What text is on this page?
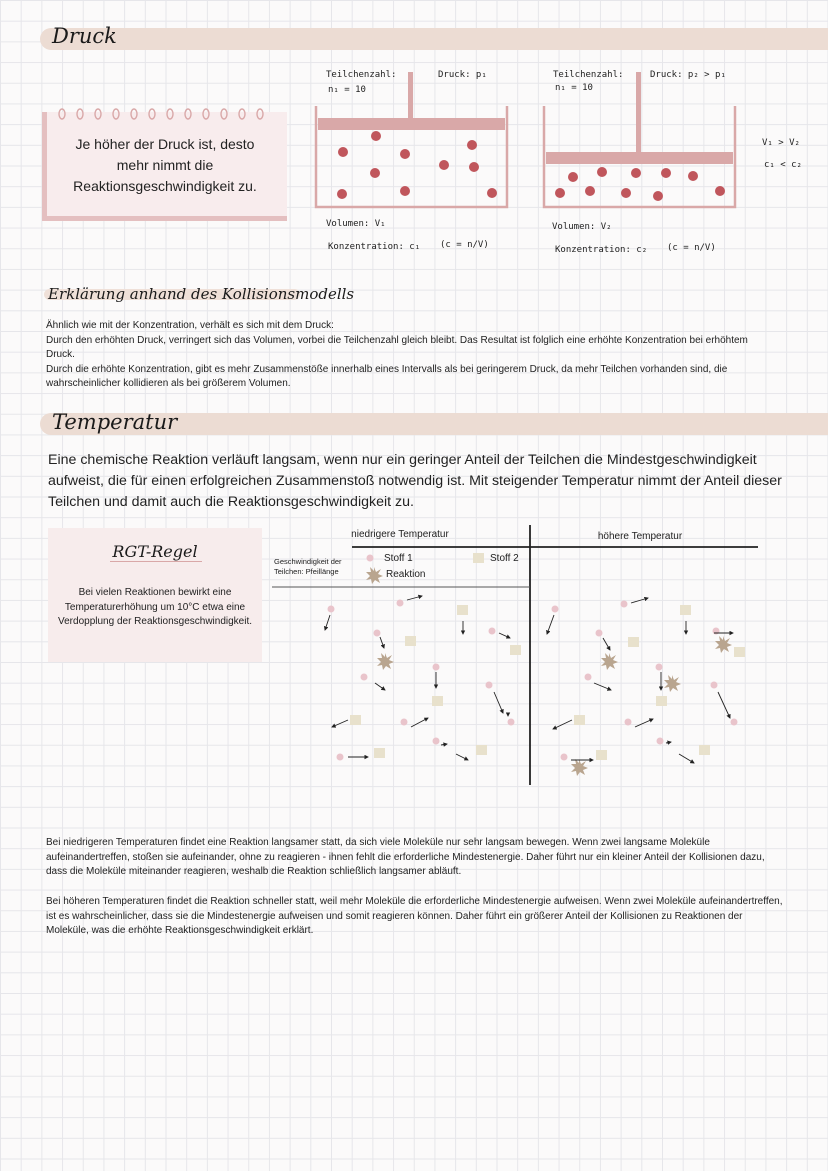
Druck
Je höher der Druck ist, desto mehr nimmt die Reaktionsgeschwindigkeit zu.
Teilchenzahl:
n₁ = 10
Druck: p₁
Volumen: V₁
Konzentration: c₁ (c = n/V)
Teilchenzahl:
n₁ = 10
Druck: p₂ > p₁
Volumen: V₂
Konzentration: c₂ (c = n/V)
V₁ > V₂
c₁ < c₂
Erklärung anhand des Kollisionsmodells
Ähnlich wie mit der Konzentration, verhält es sich mit dem Druck:
Durch den erhöhten Druck, verringert sich das Volumen, vorbei die Teilchenzahl gleich bleibt. Das Resultat ist folglich eine erhöhte Konzentration bei erhöhtem Druck.
Durch die erhöhte Konzentration, gibt es mehr Zusammenstöße innerhalb eines Intervalls als bei geringerem Druck, da mehr Teilchen vorhanden sind, die wahrscheinlicher kollidieren als bei größerem Volumen.
Temperatur
Eine chemische Reaktion verläuft langsam, wenn nur ein geringer Anteil der Teilchen die Mindestgeschwindigkeit aufweist, die für einen erfolgreichen Zusammenstoß notwendig ist. Mit steigender Temperatur nimmt der Anteil dieser Teilchen und damit auch die Reaktionsgeschwindigkeit zu.
RGT-Regel
Bei vielen Reaktionen bewirkt eine Temperaturerhöhung um 10°C etwa eine Verdopplung der Reaktionsgeschwindigkeit.
niedrigere Temperatur	höhere Temperatur
Geschwindigkeit der Teilchen: Pfeillänge
Stoff 1	Stoff 2
Reaktion
Bei niedrigeren Temperaturen findet eine Reaktion langsamer statt, da sich viele Moleküle nur sehr langsam bewegen. Wenn zwei langsame Moleküle aufeinandertreffen, stoßen sie aufeinander, ohne zu reagieren - ihnen fehlt die erforderliche Mindestenergie. Daher führt nur ein kleiner Anteil der Kollisionen dazu, dass die Moleküle miteinander reagieren, weshalb die Reaktion schließlich langsamer abläuft.
Bei höheren Temperaturen findet die Reaktion schneller statt, weil mehr Moleküle die erforderliche Mindestenergie aufweisen. Wenn zwei Moleküle aufeinandertreffen, ist es wahrscheinlicher, dass sie die Mindestenergie aufweisen und somit reagieren können. Daher führt ein größerer Anteil der Kollisionen zu Reaktionen der Moleküle, was die erhöhte Reaktionsgeschwindigkeit erklärt.
